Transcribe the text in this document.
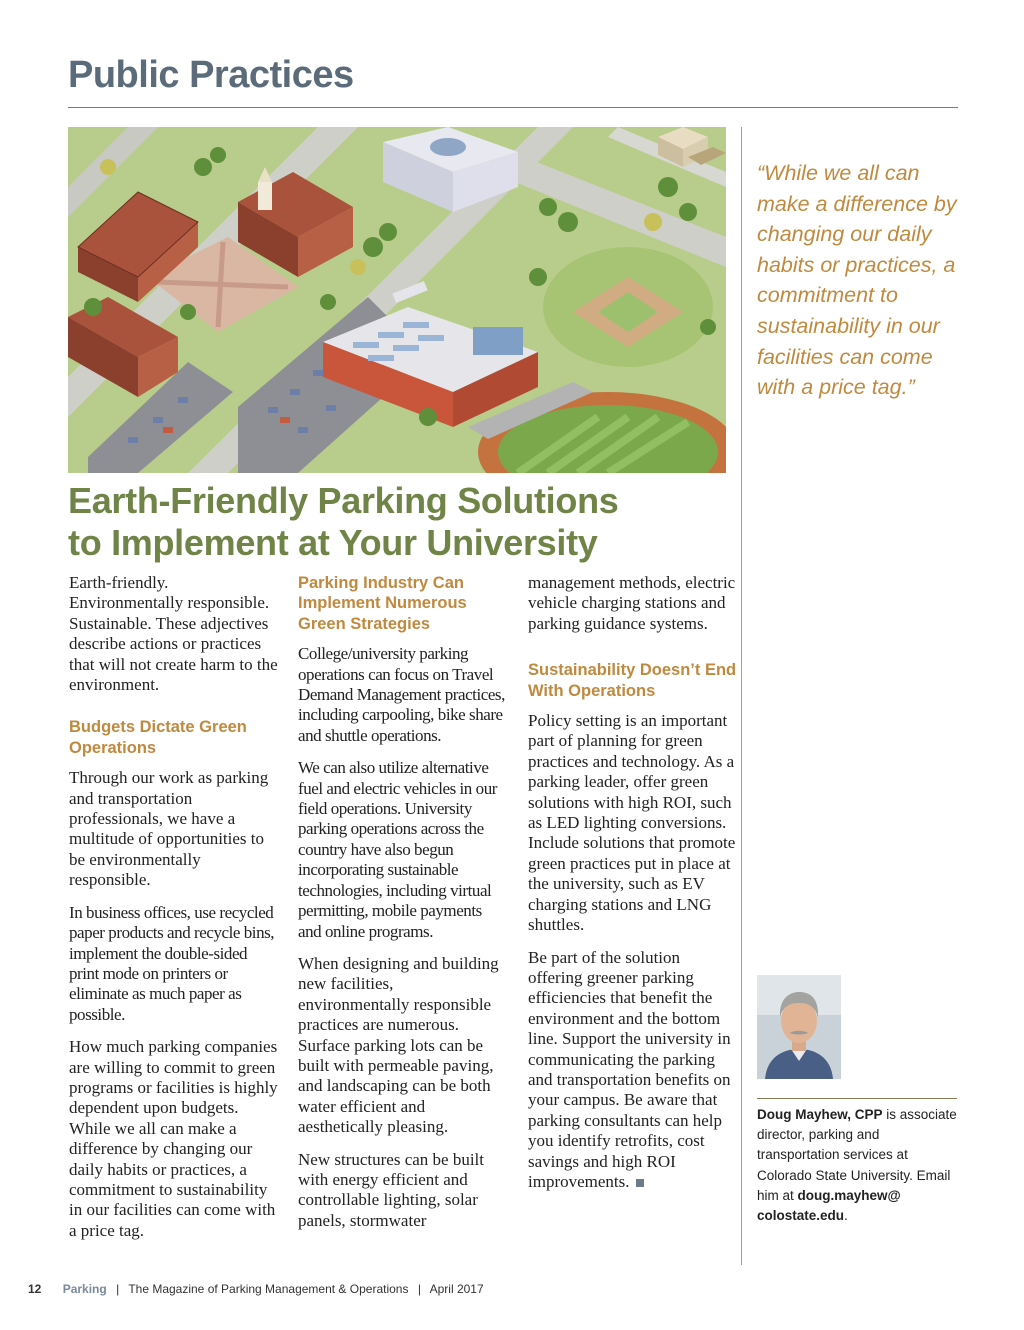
Public Practices

“While we all can make a difference by changing our daily habits or practices, a commitment to sustainability in our facilities can come with a price tag.”

Earth-Friendly Parking Solutions
to Implement at Your University

Earth-friendly. Environmentally responsible. Sustainable. These adjectives describe actions or practices that will not create harm to the environment.

Budgets Dictate Green Operations

Through our work as parking and transportation professionals, we have a multitude of opportunities to be environmentally responsible.

In business offices, use recycled paper products and recycle bins, implement the double-sided print mode on printers or eliminate as much paper as possible.

How much parking companies are willing to commit to green programs or facilities is highly dependent upon budgets. While we all can make a difference by changing our daily habits or practices, a commitment to sustainability in our facilities can come with a price tag.

Parking Industry Can Implement Numerous Green Strategies

College/university parking operations can focus on Travel Demand Management practices, including carpooling, bike share and shuttle operations.

We can also utilize alternative fuel and electric vehicles in our field operations. University parking operations across the country have also begun incorporating sustainable technologies, including virtual permitting, mobile payments and online programs.

When designing and building new facilities, environmentally responsible practices are numerous. Surface parking lots can be built with permeable paving, and landscaping can be both water efficient and aesthetically pleasing.

New structures can be built with energy efficient and controllable lighting, solar panels, stormwater

management methods, electric vehicle charging stations and parking guidance systems.

Sustainability Doesn’t End With Operations

Policy setting is an important part of planning for green practices and technology. As a parking leader, offer green solutions with high ROI, such as LED lighting conversions. Include solutions that promote green practices put in place at the university, such as EV charging stations and LNG shuttles.

Be part of the solution offering greener parking efficiencies that benefit the environment and the bottom line. Support the university in communicating the parking and transportation benefits on your campus. Be aware that parking consultants can help you identify retrofits, cost savings and high ROI improvements.

Doug Mayhew, CPP is associate director, parking and transportation services at Colorado State University. Email him at doug.mayhew@ colostate.edu.

12 Parking | The Magazine of Parking Management & Operations | April 2017
